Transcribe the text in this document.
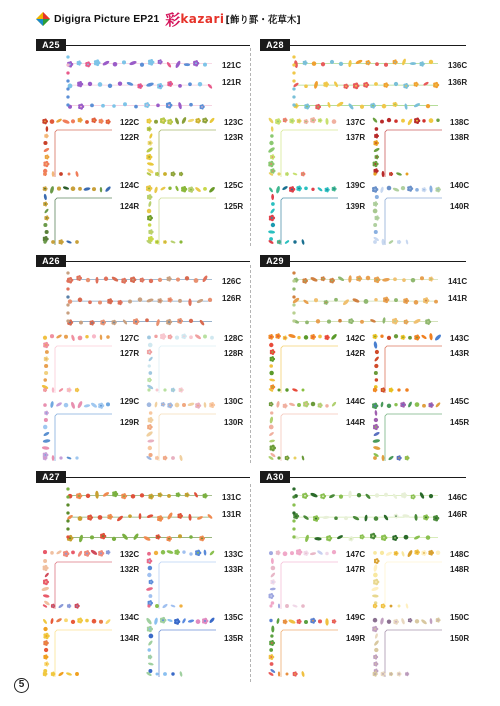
Digigra Picture EP21 彩 kazari [飾り罫・花草木]
A25	A28
A26	A29
A27	A30
121C
121R
122C
122R
123C
123R
124C
124R
125C
125R
136C
136R
137C
137R
138C
138R
139C
139R
140C
140R
126C
126R
127C
127R
128C
128R
129C
129R
130C
130R
141C
141R
142C
142R
143C
143R
144C
144R
145C
145R
131C
131R
132C
132R
133C
133R
134C
134R
135C
135R
146C
146R
147C
147R
148C
148R
149C
149R
150C
150R
5
